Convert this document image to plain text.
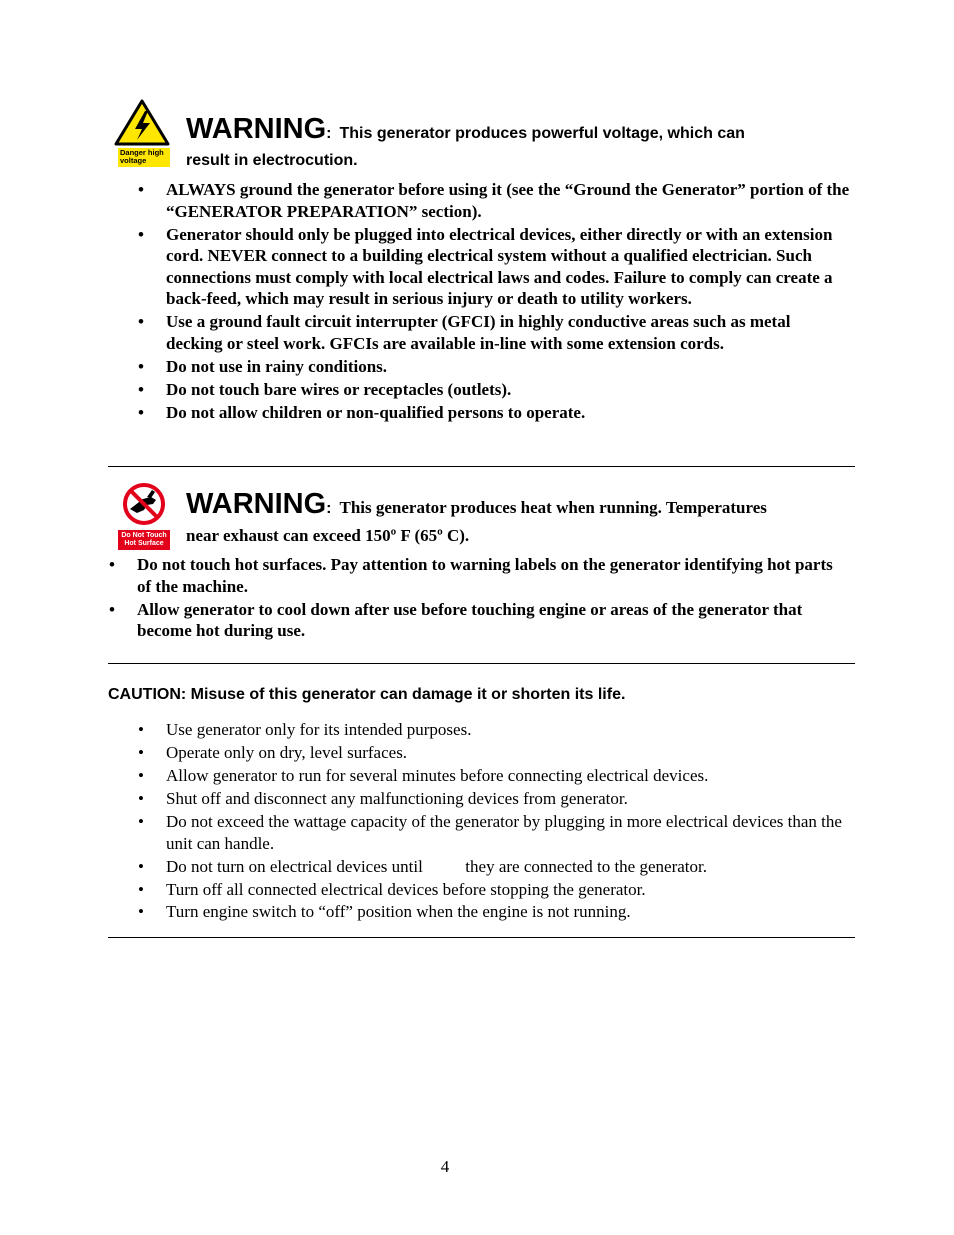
Danger high voltage
WARNING: This generator produces powerful voltage, which can
result in electrocution.
• ALWAYS ground the generator before using it (see the “Ground the Generator” portion of the “GENERATOR PREPARATION” section).
• Generator should only be plugged into electrical devices, either directly or with an extension cord. NEVER connect to a building electrical system without a qualified electrician. Such connections must comply with local electrical laws and codes. Failure to comply can create a back-feed, which may result in serious injury or death to utility workers.
• Use a ground fault circuit interrupter (GFCI) in highly conductive areas such as metal decking or steel work. GFCIs are available in-line with some extension cords.
• Do not use in rainy conditions.
• Do not touch bare wires or receptacles (outlets).
• Do not allow children or non-qualified persons to operate.
Do Not Touch
Hot Surface
WARNING: This generator produces heat when running. Temperatures
near exhaust can exceed 150º F (65º C).
• Do not touch hot surfaces. Pay attention to warning labels on the generator identifying hot parts of the machine.
• Allow generator to cool down after use before touching engine or areas of the generator that become hot during use.
CAUTION: Misuse of this generator can damage it or shorten its life.
• Use generator only for its intended purposes.
• Operate only on dry, level surfaces.
• Allow generator to run for several minutes before connecting electrical devices.
• Shut off and disconnect any malfunctioning devices from generator.
• Do not exceed the wattage capacity of the generator by plugging in more electrical devices than the unit can handle.
• Do not turn on electrical devices until          they are connected to the generator.
• Turn off all connected electrical devices before stopping the generator.
• Turn engine switch to “off” position when the engine is not running.
4
